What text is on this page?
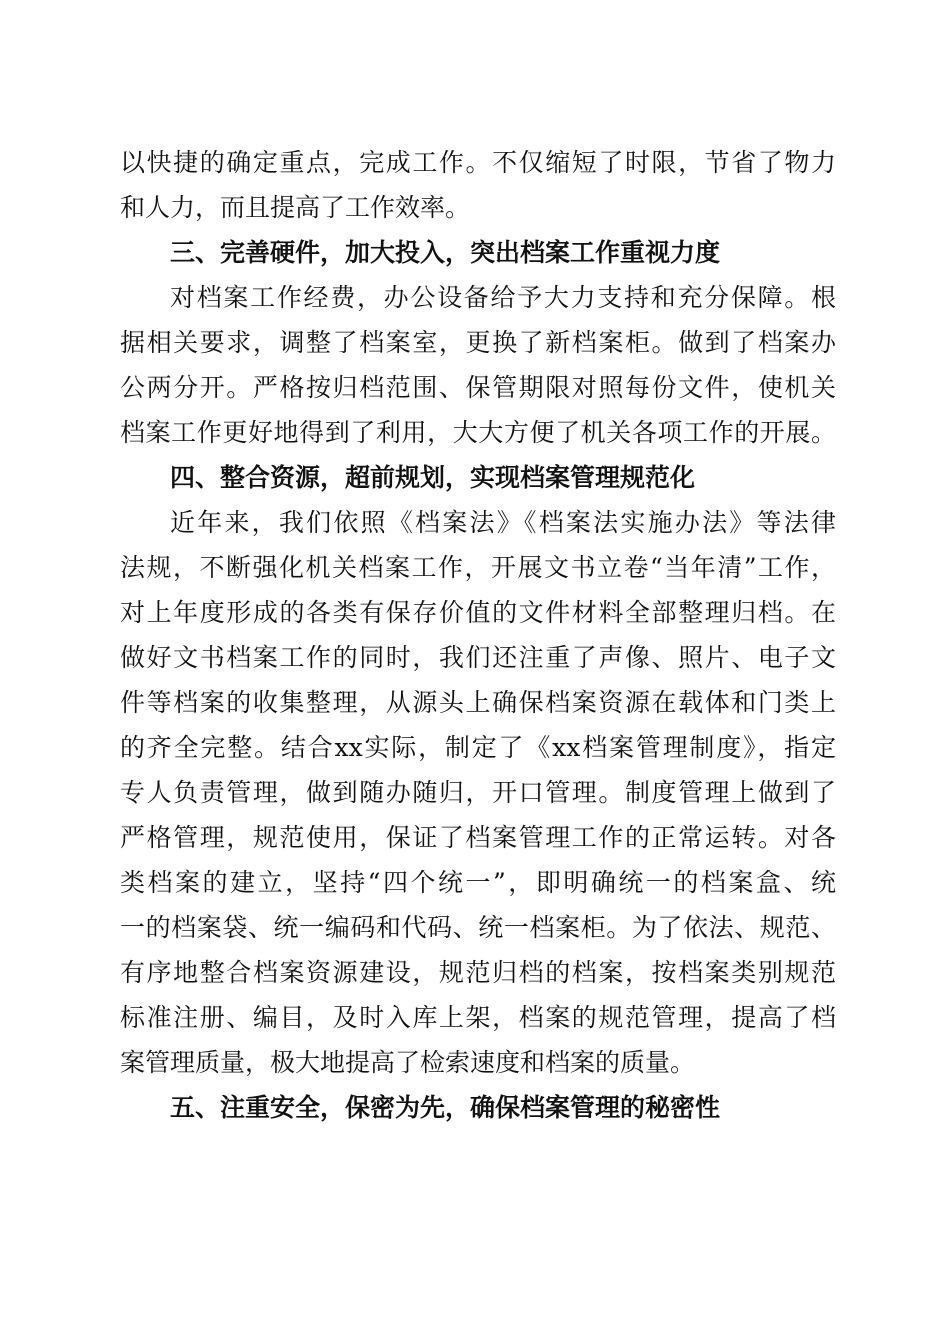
以快捷的确定重点，完成工作。不仅缩短了时限，节省了物力
和人力，而且提高了工作效率。
三、完善硬件，加大投入，突出档案工作重视力度
对档案工作经费，办公设备给予大力支持和充分保障。根
据相关要求，调整了档案室，更换了新档案柜。做到了档案办
公两分开。严格按归档范围、保管期限对照每份文件，使机关
档案工作更好地得到了利用，大大方便了机关各项工作的开展。
四、整合资源，超前规划，实现档案管理规范化
近年来，我们依照《档案法》《档案法实施办法》等法律
法规，不断强化机关档案工作，开展文书立卷“当年清”工作，
对上年度形成的各类有保存价值的文件材料全部整理归档。在
做好文书档案工作的同时，我们还注重了声像、照片、电子文
件等档案的收集整理，从源头上确保档案资源在载体和门类上
的齐全完整。结合xx实际，制定了《xx档案管理制度》，指定
专人负责管理，做到随办随归，开口管理。制度管理上做到了
严格管理，规范使用，保证了档案管理工作的正常运转。对各
类档案的建立，坚持“四个统一”，即明确统一的档案盒、统
一的档案袋、统一编码和代码、统一档案柜。为了依法、规范、
有序地整合档案资源建设，规范归档的档案，按档案类别规范
标准注册、编目，及时入库上架，档案的规范管理，提高了档
案管理质量，极大地提高了检索速度和档案的质量。
五、注重安全，保密为先，确保档案管理的秘密性
